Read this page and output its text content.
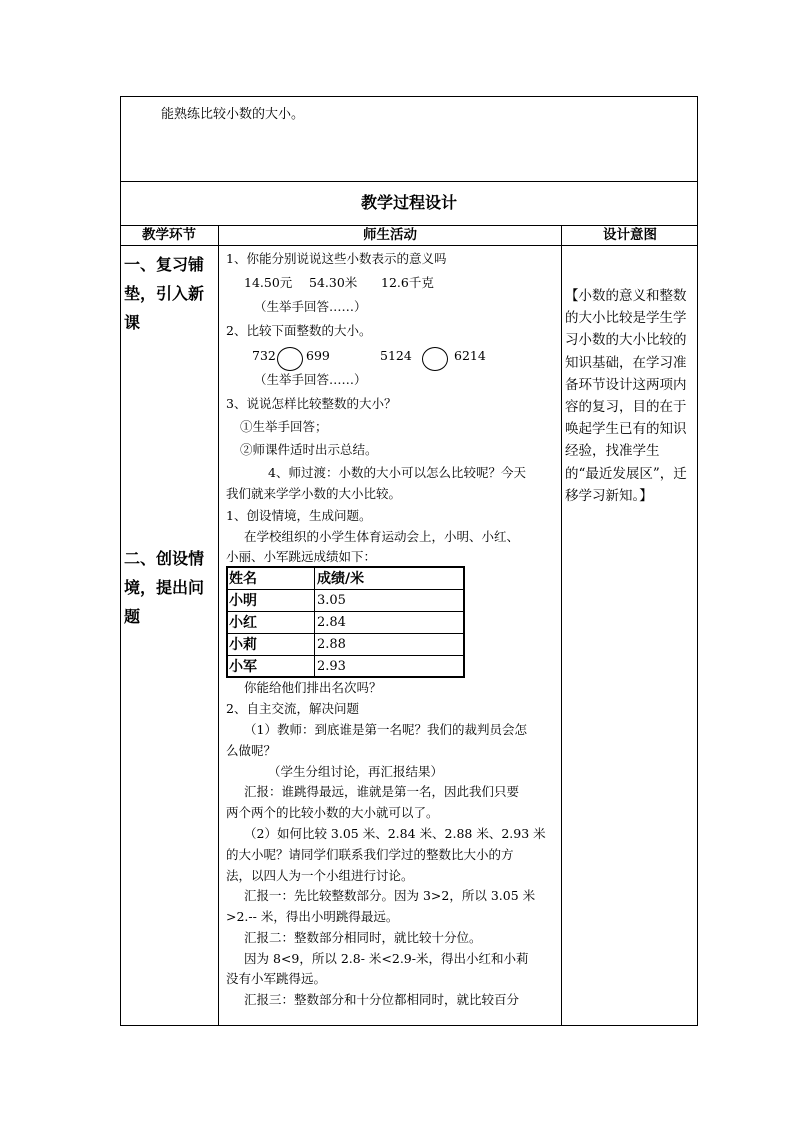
能熟练比较小数的大小。
教学过程设计
教学环节	师生活动	设计意图
一、复习铺
垫，引入新
课
二、创设情
境，提出问
题
1、你能分别说说这些小数表示的意义吗
14.50元 54.30米 12.6千克
（生举手回答……）
2、比较下面整数的大小。
732 699	5124	6214
（生举手回答……）
3、说说怎样比较整数的大小？
①生举手回答；
②师课件适时出示总结。
4、师过渡：小数的大小可以怎么比较呢？今天
我们就来学学小数的大小比较。
1、创设情境，生成问题。
在学校组织的小学生体育运动会上，小明、小红、
小丽、小军跳远成绩如下：
姓名	成绩/米
小明	3.05
小红	2.84
小莉	2.88
小军	2.93
你能给他们排出名次吗？
2、自主交流，解决问题
（1）教师：到底谁是第一名呢？我们的裁判员会怎
么做呢？
（学生分组讨论，再汇报结果）
汇报：谁跳得最远，谁就是第一名，因此我们只要
两个两个的比较小数的大小就可以了。
（2）如何比较 3.05 米、2.84 米、2.88 米、2.93 米
的大小呢？请同学们联系我们学过的整数比大小的方
法，以四人为一个小组进行讨论。
汇报一：先比较整数部分。因为 3>2，所以 3.05 米
>2.-- 米，得出小明跳得最远。
汇报二：整数部分相同时，就比较十分位。
因为 8<9，所以 2.8- 米<2.9-米，得出小红和小莉
没有小军跳得远。
汇报三：整数部分和十分位都相同时，就比较百分
【小数的意义和整数的大小比较是学生学习小数的大小比较的知识基础，在学习准备环节设计这两项内容的复习，目的在于唤起学生已有的知识经验，找准学生的“最近发展区”，迁移学习新知。】
